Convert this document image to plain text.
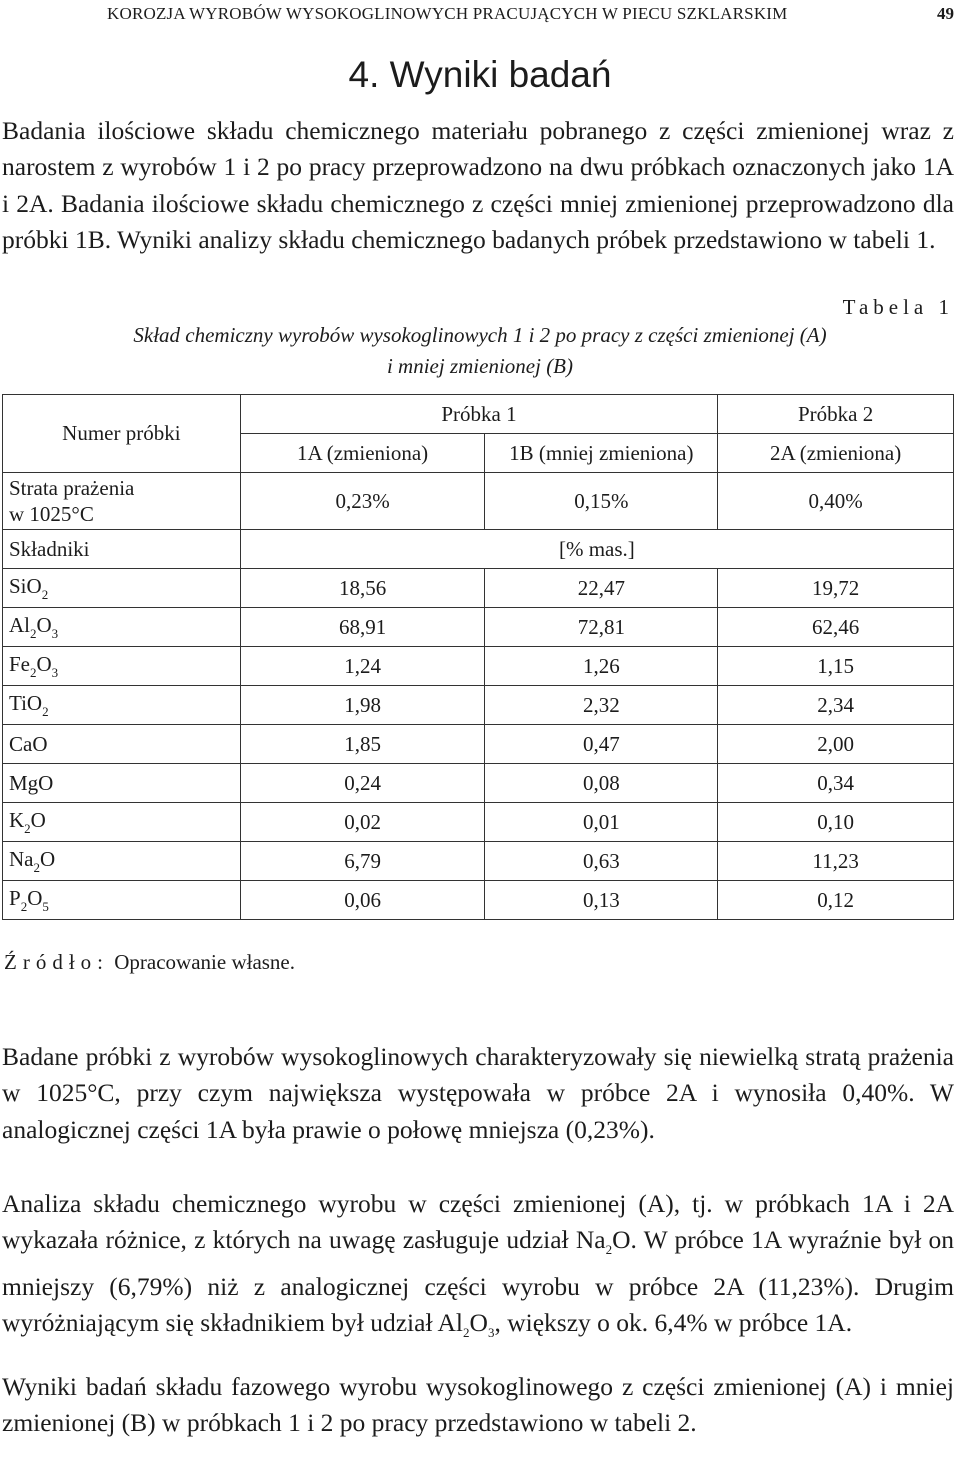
KOROZJA WYROBÓW WYSOKOGLINOWYCH PRACUJĄCYCH W PIECU SZKLARSKIM	49
4. Wyniki badań

Badania ilościowe składu chemicznego materiału pobranego z części zmienionej wraz z narostem z wyrobów 1 i 2 po pracy przeprowadzono na dwu próbkach oznaczonych jako 1A i 2A. Badania ilościowe składu chemicznego z części mniej zmienionej przeprowadzono dla próbki 1B. Wyniki analizy składu chemicznego badanych próbek przedstawiono w tabeli 1.

Tabela 1
Skład chemiczny wyrobów wysokoglinowych 1 i 2 po pracy z części zmienionej (A)
i mniej zmienionej (B)
Numer próbki	Próbka 1		Próbka 2
	1A (zmieniona)	1B (mniej zmieniona)	2A (zmieniona)

Strata prażenia
w 1025°C	0,23%	0,15%	0,40%
Składniki	[% mas.]		
SiO$_2$	18,56	22,47	19,72
$Al_2O_3$	68,91	72,81	62,46
$Fe_2O_3$	1,24	1,26	1,15
TiO$_2$	1,98	2,32	2,34
CaO	1,85	0,47	2,00
MgO	0,24	0,08	0,34
$K_2O$	0,02	0,01	0,10
$Na_2O$	6,79	0,63	11,23
$P_2O_5$	0,06	0,13	0,12
Źródło: Opracowanie własne.

Badane próbki z wyrobów wysokoglinowych charakteryzowały się niewielką stratą prażenia w 1025°C, przy czym największa występowała w próbce 2A i wynosiła 0,40%. W analogicznej części 1A była prawie o połowę mniejsza (0,23%).

Analiza składu chemicznego wyrobu w części zmienionej (A), tj. w próbkach 1A i 2A wykazała różnice, z których na uwagę zasługuje udział $Na_2O$. W próbce 1A wyraźnie był on mniejszy (6,79%) niż z analogicznej części wyrobu w próbce 2A (11,23%). Drugim wyróżniającym się składnikiem był udział $Al_2O_3$, większy o ok. 6,4% w próbce 1A.

Wyniki badań składu fazowego wyrobu wysokoglinowego z części zmienionej (A) i mniej zmienionej (B) w próbkach 1 i 2 po pracy przedstawiono w tabeli 2.
